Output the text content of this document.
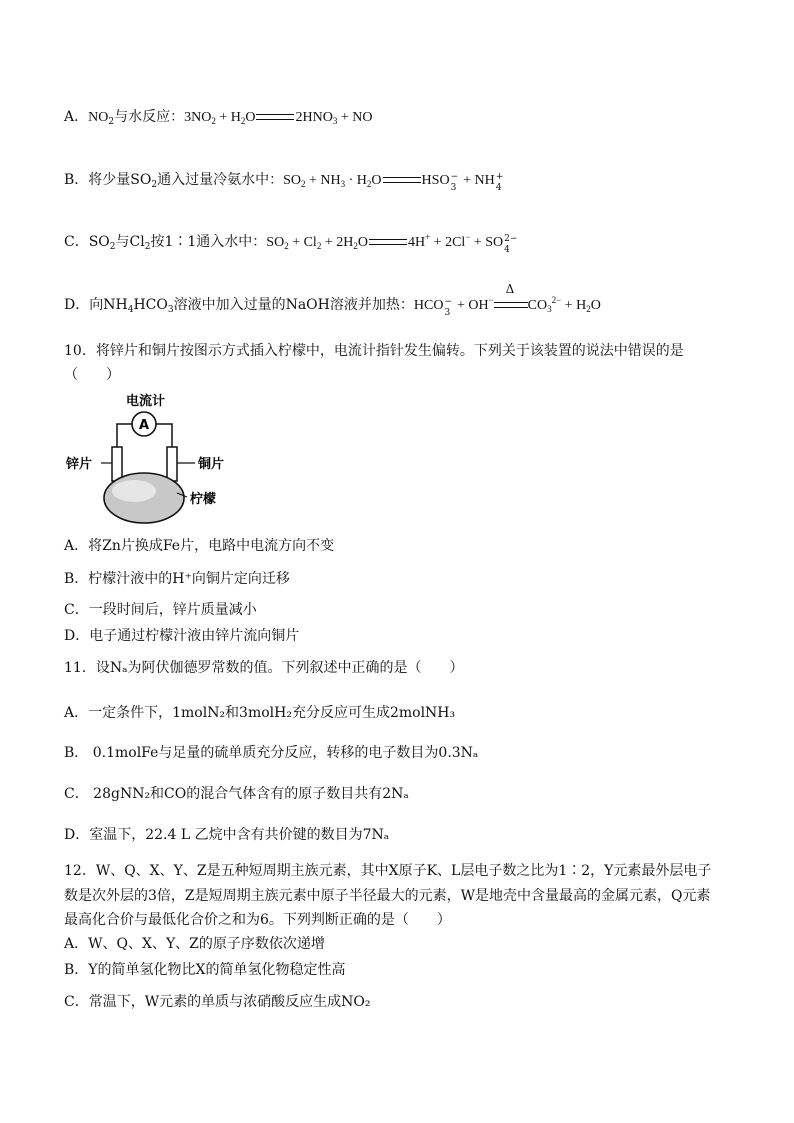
A．$NO_2$与水反应：$3NO_2 + H_2O$	$2HNO_3$ + NO
B．将少量$SO_2$通入过量冷氨水中：$SO_2 + NH_3 \cdot H_2O$	HSO −
3 + NH +
4
C．$SO_2$与$Cl_2$按1∶1通入水中：$SO_2 + Cl_2 + 2H_2O$	4H+ + 2Cl− + SO 2−
4
D．向$NH_4HCO_3$溶液中加入过量的NaOH溶液并加热：HCO −
3 + OH−
Δ
$CO_3^{2-} + H_2O$
10．将锌片和铜片按图示方式插入柠檬中，电流计指针发生偏转。下列关于该装置的说法中错误的是
（　　）
电流计
A
锌片	铜片
柠檬
A．将Zn片换成Fe片，电路中电流方向不变
B．柠檬汁液中的H⁺向铜片定向迁移
C．一段时间后，锌片质量减小
D．电子通过柠檬汁液由锌片流向铜片
11．设Nₐ为阿伏伽德罗常数的值。下列叙述中正确的是（　　）
A．一定条件下，1molN₂和3molH₂充分反应可生成2molNH₃
B． 0.1molFe与足量的硫单质充分反应，转移的电子数目为0.3Nₐ
C． 28gNN₂和CO的混合气体含有的原子数目共有2Nₐ
D．室温下，22.4 L 乙烷中含有共价键的数目为7Nₐ
12．W、Q、X、Y、Z是五种短周期主族元素，其中X原子K、L层电子数之比为1∶2，Y元素最外层电子
数是次外层的3倍，Z是短周期主族元素中原子半径最大的元素，W是地壳中含量最高的金属元素，Q元素
最高化合价与最低化合价之和为6。下列判断正确的是（　　）
A．W、Q、X、Y、Z的原子序数依次递增
B．Y的简单氢化物比X的简单氢化物稳定性高
C．常温下，W元素的单质与浓硝酸反应生成NO₂
